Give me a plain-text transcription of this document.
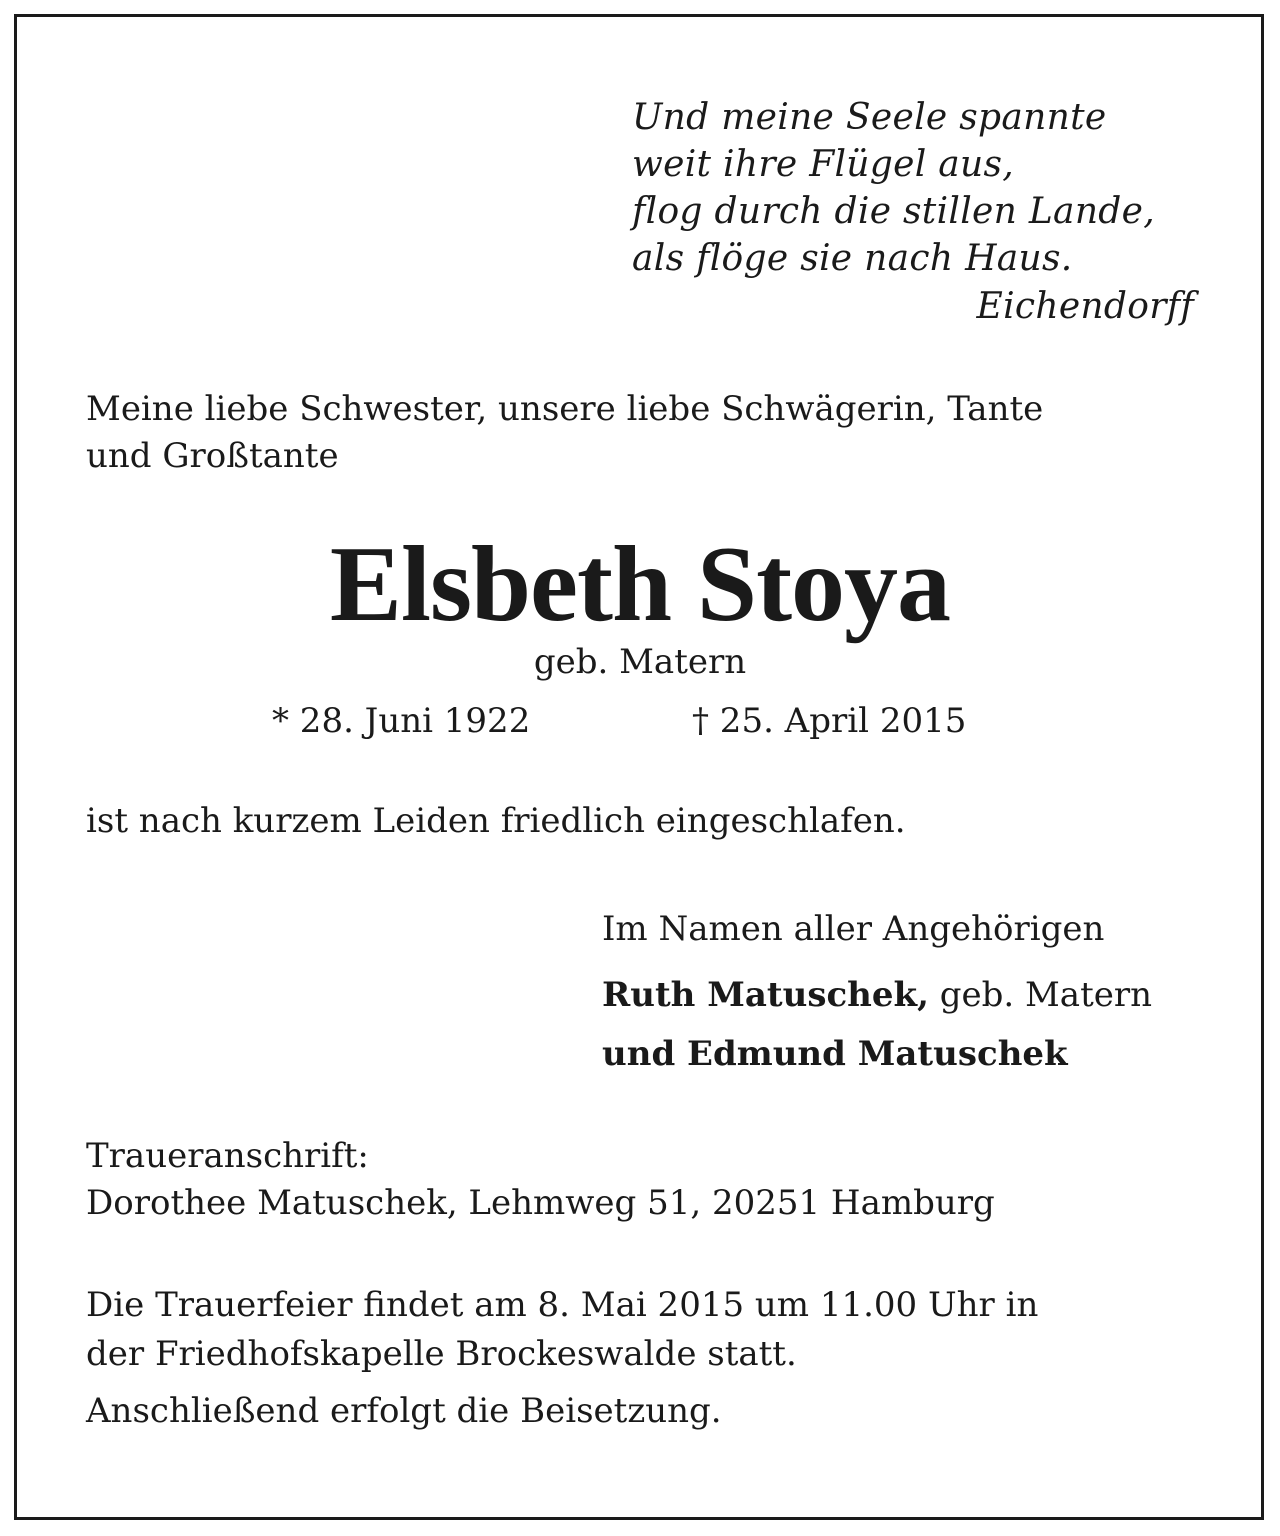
Und meine Seele spannte
weit ihre Flügel aus,
flog durch die stillen Lande,
als flöge sie nach Haus.

Eichendorff

Meine liebe Schwester, unsere liebe Schwägerin, Tante

und Großtante

Elsbeth Stoya

geb. Matern

* 28. Juni 1922	† 25. April 2015

ist nach kurzem Leiden friedlich eingeschlafen.

Im Namen aller Angehörigen

Ruth Matuschek, geb. Matern

und Edmund Matuschek

Traueranschrift:

Dorothee Matuschek, Lehmweg 51, 20251 Hamburg

Die Trauerfeier findet am 8. Mai 2015 um 11.00 Uhr in

der Friedhofskapelle Brockeswalde statt.

Anschließend erfolgt die Beisetzung.
